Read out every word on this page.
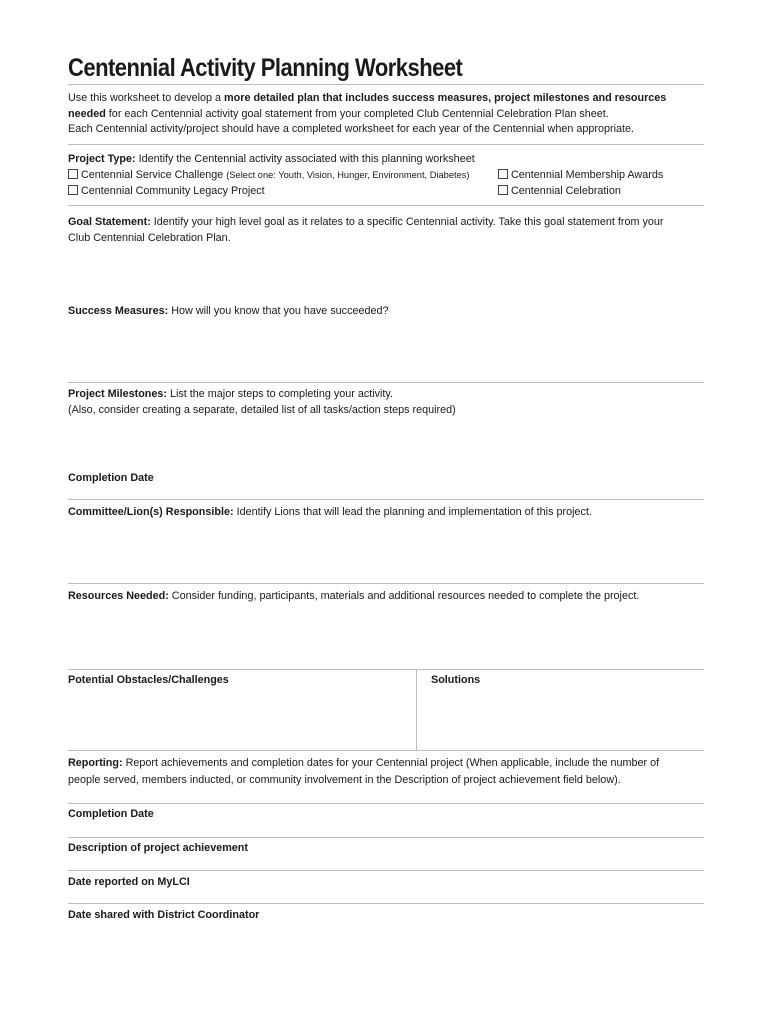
Centennial Activity Planning Worksheet
Use this worksheet to develop a more detailed plan that includes success measures, project milestones and resources
needed for each Centennial activity goal statement from your completed Club Centennial Celebration Plan sheet.
Each Centennial activity/project should have a completed worksheet for each year of the Centennial when appropriate.
Project Type: Identify the Centennial activity associated with this planning worksheet
Centennial Service Challenge (Select one: Youth, Vision, Hunger, Environment, Diabetes)	Centennial Membership Awards
Centennial Community Legacy Project	Centennial Celebration
Goal Statement: Identify your high level goal as it relates to a specific Centennial activity. Take this goal statement from your
Club Centennial Celebration Plan.
Success Measures: How will you know that you have succeeded?
Project Milestones: List the major steps to completing your activity.
(Also, consider creating a separate, detailed list of all tasks/action steps required)
Completion Date
Committee/Lion(s) Responsible: Identify Lions that will lead the planning and implementation of this project.
Resources Needed: Consider funding, participants, materials and additional resources needed to complete the project.
Potential Obstacles/Challenges	Solutions
Reporting: Report achievements and completion dates for your Centennial project (When applicable, include the number of
people served, members inducted, or community involvement in the Description of project achievement field below).
Completion Date
Description of project achievement
Date reported on MyLCI
Date shared with District Coordinator
